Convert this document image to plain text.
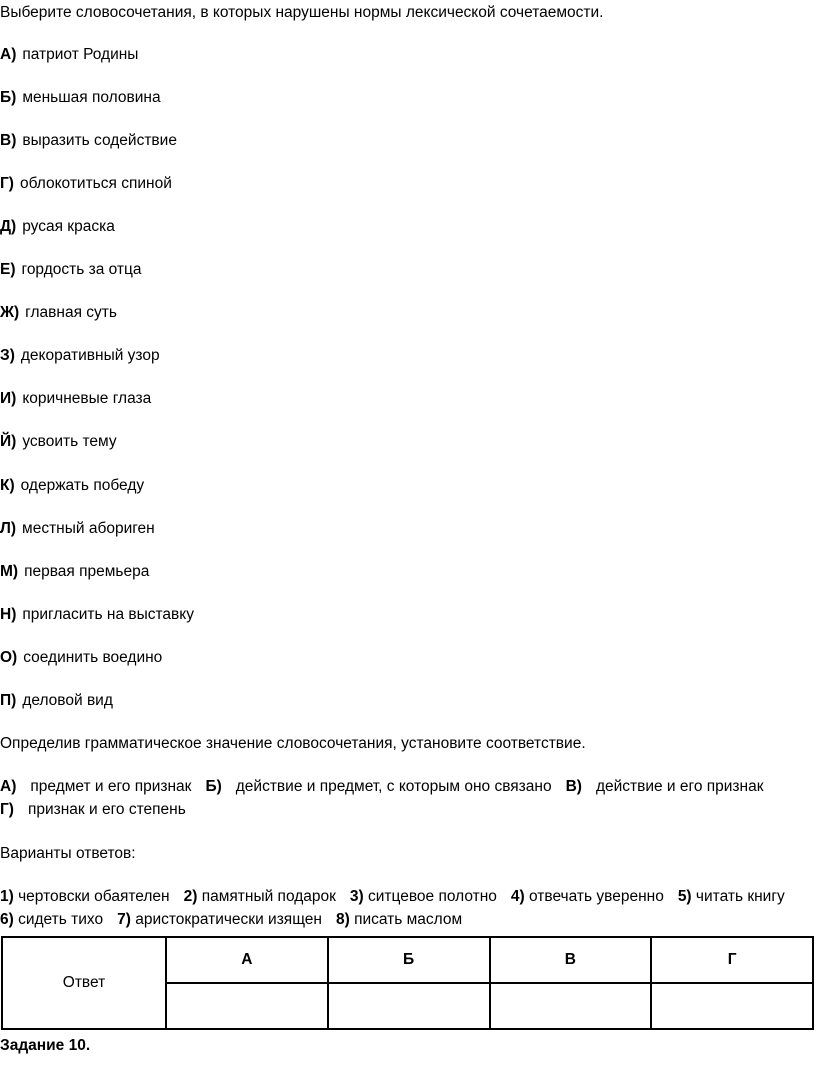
Выберите словосочетания, в которых нарушены нормы лексической сочетаемости.
А) патриот Родины
Б) меньшая половина
В) выразить содействие
Г) облокотиться спиной
Д) русая краска
Е) гордость за отца
Ж) главная суть
З) декоративный узор
И) коричневые глаза
Й) усвоить тему
К) одержать победу
Л) местный абориген
М) первая премьера
Н) пригласить на выставку
О) соединить воедино
П) деловой вид
Определив грамматическое значение словосочетания, установите соответствие.
А) предмет и его признак Б) действие и предмет, с которым оно связано В) действие и его признак
Г) признак и его степень
Варианты ответов:
1) чертовски обаятелен 2) памятный подарок 3) ситцевое полотно 4) отвечать уверенно 5) читать книгу
6) сидеть тихо 7) аристократически изящен 8) писать маслом
Ответ	А	Б	В	Г

Задание 10.
